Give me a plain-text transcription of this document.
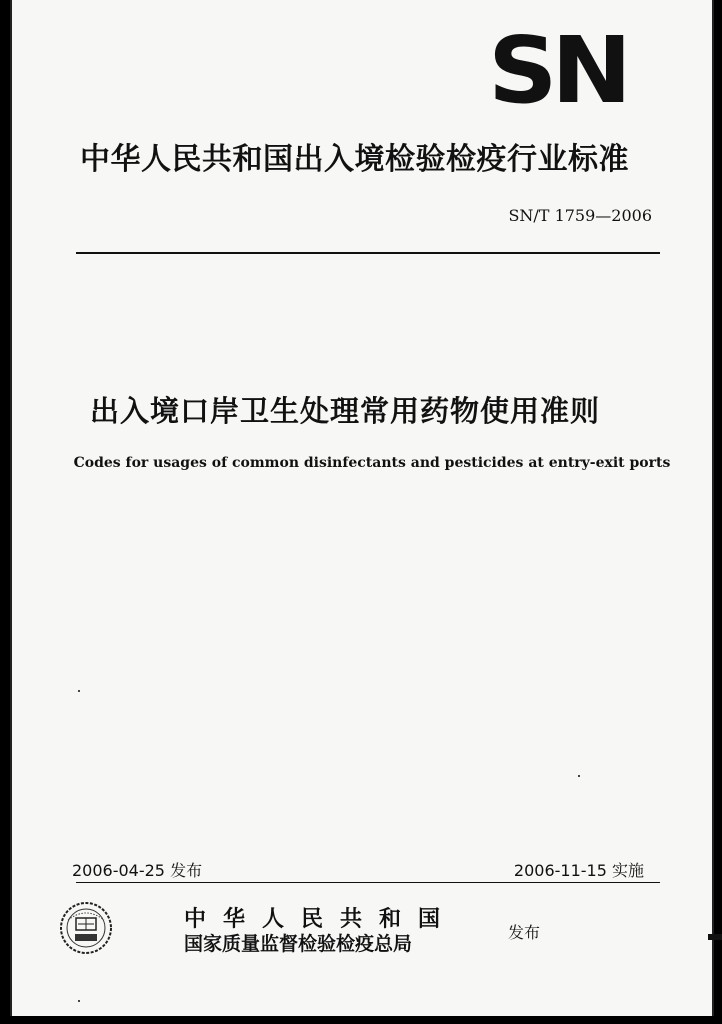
SN
中华人民共和国出入境检验检疫行业标准
SN/T 1759—2006
出入境口岸卫生处理常用药物使用准则
Codes for usages of common disinfectants and pesticides at entry-exit ports
2006-04-25 发布	2006-11-15 实施
中华人民共和国
国家质量监督检验检疫总局
发布
